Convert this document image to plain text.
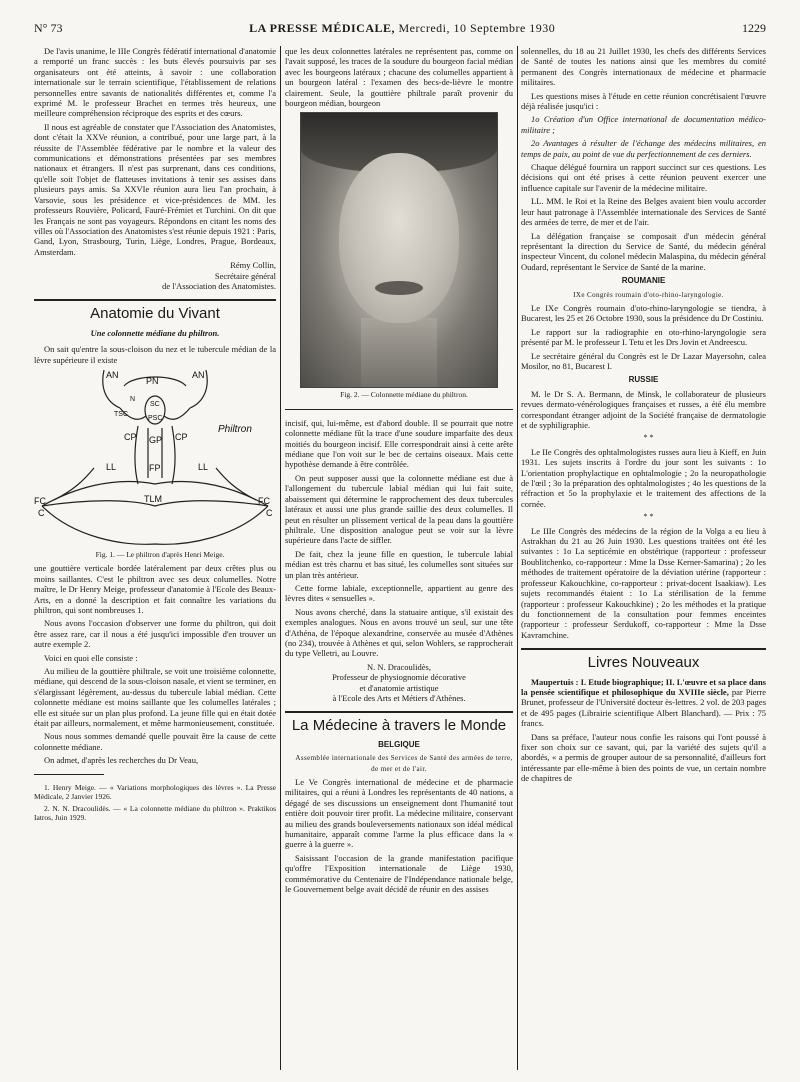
N° 73	LA PRESSE MÉDICALE, Mercredi, 10 Septembre 1930	1229

De l'avis unanime, le IIIe Congrès fédératif international d'anatomie a remporté un franc succès : les buts élevés poursuivis par ses organisateurs ont été atteints, à savoir : une collaboration internationale sur le terrain scientifique, l'établissement de relations personnelles entre savants de nationalités différentes et, comme l'a exprimé M. le professeur Brachet en termes très heureux, une meilleure compréhension réciproque des esprits et des cœurs.

Il nous est agréable de constater que l'Association des Anatomistes, dont c'était la XXVe réunion, a contribué, pour une large part, à la réussite de l'Assemblée fédérative par le nombre et la valeur des communications et démonstrations présentées par ses membres nationaux et étrangers. Il n'est pas surprenant, dans ces conditions, qu'elle soit l'objet de flatteuses invitations à tenir ses assises dans plusieurs pays amis. Sa XXVIe réunion aura lieu l'an prochain, à Varsovie, sous les présidence et vice-présidences de MM. les professeurs Rouvière, Policard, Fauré-Frémiet et Turchini. On dit que les Français ne sont pas voyageurs. Répondons en citant les noms des villes où l'Association des Anatomistes s'est réunie depuis 1921 : Paris, Gand, Lyon, Strasbourg, Turin, Liège, Londres, Prague, Bordeaux, Amsterdam.

Rémy Collin,
Secrétaire général
de l'Association des Anatomistes.
Anatomie du Vivant
Une colonnette médiane du philtron.

On sait qu'entre la sous-cloison du nez et le tubercule médian de la lèvre supérieure il existe

AN
PN
AN
N
SC
TSC
PSC
CP GP CP
FP
LL	LL
FC	FC
C	C
TLM
Philtron

Fig. 1. — Le philtron d'après Henri Meige.

une gouttière verticale bordée latéralement par deux crêtes plus ou moins saillantes. C'est le philtron avec ses deux columelles. Notre maître, le Dr Henry Meige, professeur d'anatomie à l'Ecole des Beaux-Arts, en a donné la description et fait connaître les variations du philtron, qui sont nombreuses 1.

Nous avons l'occasion d'observer une forme du philtron, qui doit être assez rare, car il nous a été jusqu'ici impossible d'en trouver un autre exemple 2.

Voici en quoi elle consiste :

Au milieu de la gouttière philtrale, se voit une troisième colonnette, médiane, qui descend de la sous-cloison nasale, et vient se terminer, en s'élargissant légèrement, au-dessus du tubercule labial médian. Cette colonnette médiane est moins saillante que les columelles latérales ; elle est située sur un plan plus profond. La jeune fille qui en était dotée était par ailleurs, normalement, et même harmonieusement, constituée.

Nous nous sommes demandé quelle pouvait être la cause de cette colonnette médiane.

On admet, d'après les recherches du Dr Veau,

1. Henry Meige. — « Variations morphologiques des lèvres ». La Presse Médicale, 2 Janvier 1926.

2. N. N. Dracoulidès. — « La colonnette médiane du philtron ». Praktikos Iatros, Juin 1929.

que les deux colonnettes latérales ne représentent pas, comme on l'avait supposé, les traces de la soudure du bourgeon facial médian avec les bourgeons latéraux ; chacune des columelles appartient à un bourgeon latéral : l'examen des becs-de-lièvre le montre clairement. Seule, la gouttière philtrale paraît provenir du bourgeon médian, bourgeon

Fig. 2. — Colonnette médiane du philtron.

incisif, qui, lui-même, est d'abord double. Il se pourrait que notre colonnette médiane fût la trace d'une soudure imparfaite des deux moitiés du bourgeon incisif. Elle correspondrait ainsi à cette arête médiane que l'on voit sur le bec de certains oiseaux. Mais cette hypothèse demande à être contrôlée.

On peut supposer aussi que la colonnette médiane est due à l'allongement du tubercule labial médian qui lui fait suite, abaissement qui détermine le rapprochement des deux tubercules latéraux et aussi une plus grande saillie des deux columelles. Il peut en résulter un plissement vertical de la peau dans la gouttière philtrale. Une disposition analogue peut se voir sur la lèvre supérieure dans l'acte de siffler.

De fait, chez la jeune fille en question, le tubercule labial médian est très charnu et bas situé, les columelles sont situées sur un plan très antérieur.

Cette forme labiale, exceptionnelle, appartient au genre des lèvres dites « sensuelles ».

Nous avons cherché, dans la statuaire antique, s'il existait des exemples analogues. Nous en avons trouvé un seul, sur une tête d'Athéna, de l'époque alexandrine, conservée au musée d'Athènes (no 234), trouvée à Athènes et qui, selon Wohlers, se rapprocherait du type Velletri, au Louvre.

N. N. Dracoulidès,
Professeur de physiognomie décorative
et d'anatomie artistique
à l'Ecole des Arts et Métiers d'Athènes.
La Médecine à travers le Monde
BELGIQUE

Assemblée internationale des Services de Santé des armées de terre, de mer et de l'air.

Le Ve Congrès international de médecine et de pharmacie militaires, qui a réuni à Londres les représentants de 40 nations, a dégagé de ses discussions un enseignement dont l'humanité tout entière doit pouvoir tirer profit. La médecine militaire, conservant au milieu des grands bouleversements nationaux son idéal médical humanitaire, apparaît comme l'arme la plus efficace dans la « guerre à la guerre ».

Saisissant l'occasion de la grande manifestation pacifique qu'offre l'Exposition internationale de Liège 1930, commémorative du Centenaire de l'Indépendance nationale belge, le Gouvernement belge avait décidé de réunir en des assises

solennelles, du 18 au 21 Juillet 1930, les chefs des différents Services de Santé de toutes les nations ainsi que les membres du comité permanent des Congrès internationaux de médecine et pharmacie militaires.

Les questions mises à l'étude en cette réunion concrétisaient l'œuvre déjà réalisée jusqu'ici :

1o Création d'un Office international de documentation médico-militaire ;

2o Avantages à résulter de l'échange des médecins militaires, en temps de paix, au point de vue du perfectionnement de ces derniers.

Chaque délégué fournira un rapport succinct sur ces questions. Les décisions qui ont été prises à cette réunion peuvent exercer une influence capitale sur l'avenir de la médecine militaire.

LL. MM. le Roi et la Reine des Belges avaient bien voulu accorder leur haut patronage à l'Assemblée internationale des Services de Santé des armées de terre, de mer et de l'air.

La délégation française se composait d'un médecin général représentant la direction du Service de Santé, du médecin général inspecteur Vincent, du colonel médecin Malaspina, du médecin général Oudard, représentant le Service de Santé de la marine.

ROUMANIE

IXe Congrès roumain d'oto-rhino-laryngologie.

Le IXe Congrès roumain d'oto-rhino-laryngologie se tiendra, à Bucarest, les 25 et 26 Octobre 1930, sous la présidence du Dr Costiniu.

Le rapport sur la radiographie en oto-rhino-laryngologie sera présenté par M. le professeur I. Tetu et les Drs Jovin et Andreescu.

Le secrétaire général du Congrès est le Dr Lazar Mayersohn, calea Mosilor, no 81, Bucarest I.

RUSSIE

M. le Dr S. A. Bermann, de Minsk, le collaborateur de plusieurs revues dermato-vénérologiques françaises et russes, a été élu membre correspondant étranger adjoint de la Société française de dermatologie et de syphiligraphie.

* *

Le IIe Congrès des ophtalmologistes russes aura lieu à Kieff, en Juin 1931. Les sujets inscrits à l'ordre du jour sont les suivants : 1o L'orientation prophylactique en ophtalmologie ; 2o la neuropathologie de l'œil ; 3o la préparation des ophtalmologistes ; 4o les questions de la réfraction et 5o la prophylaxie et le traitement des affections de la cornée.

* *

Le IIIe Congrès des médecins de la région de la Volga a eu lieu à Astrakhan du 21 au 26 Juin 1930. Les questions traitées ont été les suivantes : 1o La septicémie en obstétrique (rapporteur : professeur Boublitchenko, co-rapporteur : Mme la Dsse Kerner-Samarina) ; 2o les méthodes de traitement opératoire de la déviation utérine (rapporteur : professeur Kakouchkine, co-rapporteur : privat-docent Isaakiaw). Les sujets recommandés étaient : 1o La stérilisation de la femme (rapporteur : professeur Kakouchkine) ; 2o les méthodes et la pratique du fonctionnement de la consultation pour femmes enceintes (rapporteur : professeur Serdukoff, co-rapporteur : Mme la Dsse Kavramchine.

Livres Nouveaux

Maupertuis : I. Etude biographique; II. L'œuvre et sa place dans la pensée scientifique et philosophique du XVIIIe siècle, par Pierre Brunet, professeur de l'Université docteur ès-lettres. 2 vol. de 203 pages et de 495 pages (Librairie scientifique Albert Blanchard). — Prix : 75 francs.

Dans sa préface, l'auteur nous confie les raisons qui l'ont poussé à fixer son choix sur ce savant, qui, par la variété des sujets qu'il a abordés, « a permis de grouper autour de sa personnalité, d'ailleurs fort intéressante par elle-même à bien des points de vue, un certain nombre de chapitres de
